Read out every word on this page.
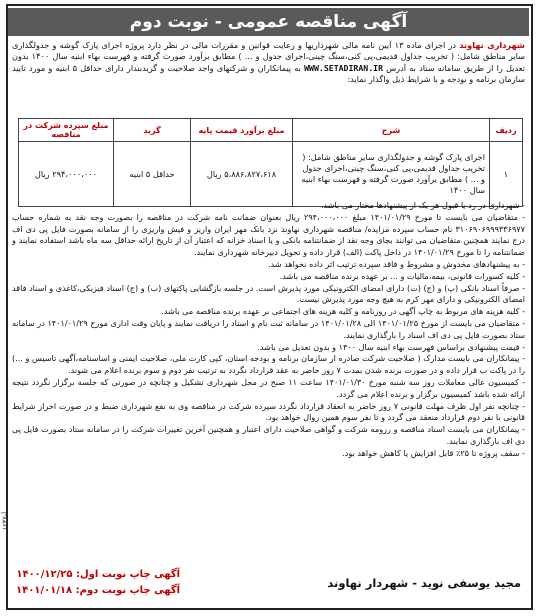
آگهی مناقصه عمومی - نوبت دوم
شهرداری نهاوند در اجرای ماده ۱۳ آیین نامه مالی شهرداریها و رعایت قوانین و مقررات مالی در نظر دارد پروژه اجرای پارک گوشه و جدولگذاری سایر مناطق شامل: ( تخریب جداول قدیمی،پی کنی،سنگ چینی،اجرای جدول و ... ) مطابق برآورد صورت گرفته و فهرست بهاء ابنیه سال ۱۴۰۰ بدون تعدیل را از طریق سامانه ستاد به آدرس WWW.SETADIRAN.IR به پیمانکاران و شرکتهای واجد صلاحیت و گریدبندار دارای حداقل ۵ ابنیه و مورد تایید سازمان برنامه و بودجه و با شرایط ذیل واگذار نماید:
ردیف	شرح	مبلغ برآورد قیمت پایه	گرید	مبلغ سپرده شرکت در مناقصه
۱	اجرای پارک گوشه و جدولگذاری سایر مناطق شامل: ( تخریب جداول قدیمی،پی کنی،سنگ چینی،اجرای جدول و ... ) مطابق برآورد صورت گرفته و فهرست بهاء ابنیه سال ۱۴۰۰	۵،۸۸۶،۸۲۷،۶۱۸ ریال	حداقل ۵ ابنیه	۲۹۴،۰۰۰،۰۰۰ ریال

- شهرداری در رد یا قبول هر یک از پیشنهادها مختار می باشد.

- متقاضیان می بایست تا مورخ ۱۴۰۱/۰۱/۲۹ مبلغ ۲۹۴،۰۰۰،۰۰۰ ریال بعنوان ضمانت نامه شرکت در مناقصه را بصورت وجه نقد به شماره حساب ۳۱۰۶۹۰۶۹۹۹۳۳۶۹۷۷ نام حساب سپرده مزایده/ مناقصه شهرداری نهاوند نزد بانک مهر ایران واریز و فیش واریزی را از سامانه بصورت فایل پی دی اف درج نمایند همچنین متقاضیان می توانند بجای وجه نقد از ضمانتنامه بانکی و یا اسناد خزانه که اعتبار آن از تاریخ ارائه حداقل سه ماه باشد استفاده نمایند و ضمانتنامه را تا مورخ ۱۴۰۱/۰۱/۲۹ در داخل پاکت (الف) قرار داده و تحویل دبیرخانه شهرداری نمایند.

- به پیشنهادهای مخدوش و مشروط و فاقد سپرده ترتیب اثر داده نخواهد شد.

- کلیه کسورات قانونی، بیمه،مالیات و ... بر عهده برنده مناقصه می باشد.

- صرفاً اسناد بانکی (پ) و (ج) (ت) دارای امضای الکترونیکی مورد پذیرش است. در جلسه بازگشایی پاکتهای (ب) و (ج) اسناد فیزیکی،کاغذی و اسناد فاقد امضای الکترونیکی و دارای مهر کرم به هیچ وجه مورد پذیرش نیست.

- کلیه هزینه های مربوط به چاپ آگهی در روزنامه و کلیه هزینه های اجتماعی بر عهده برنده مناقصه می باشد.

- متقاضیان می بایست از مورخ ۱۴۰۱/۰۱/۲۵ الی ۱۴۰۱/۰۱/۲۸ در سامانه ثبت نام و اسناد را دریافت نمایند و پایان وقت اداری مورخ ۱۴۰۱/۰۱/۲۹ در سامانه ستاد بصورت فایل پی دی اف اسناد را بارگذاری نمایند.

- قیمت پیشنهادی براساس فهرست بهاء ابنیه سال ۱۴۰۰ و بدون تعدیل می باشد.

- پیمانکاران می بایست مدارک ( صلاحیت شرکت صادره از سازمان برنامه و بودجه استان، کپی کارت ملی، صلاحیت ایمنی و اساسنامه،آگهی تاسیس و ...) را در پاکت ب قرار داده و در صورت برنده شدن بمدت ۷ روز حاضر به عقد قرارداد نگردد به ترتیب نفر دوم و سوم برنده اعلام می شوند.

- کمیسیون عالی معاملات روز سه شنبه مورخ ۱۴۰۱/۰۱/۳۰ ساعت ۱۱ صبح در محل شهرداری تشکیل و چنانچه در صورتی که جلسه برگزار نگردد نتیجه ارائه شده باشد کمیسیون برگزار و برنده اعلام می گردد.

- چنانچه نفر اول ظرف مهلت قانونی ۷ روز حاضر به انعقاد قرارداد نگردد سپرده شرکت در مناقصه وی به نفع شهرداری ضبط و در صورت احراز شرایط قانونی با نفر دوم قرارداد منعقد می گردد و تا نفر سوم همین روال خواهد بود.

- پیمانکاران می بایست اسناد مناقصه و رزومه شرکت و گواهی صلاحیت دارای اعتبار و همچنین آخرین تغییرات شرکت را در سامانه ستاد بصورت فایل پی دی اف بارگذاری نمایند.

- سقف پروژه تا ۲۵٪ قابل افزایش یا کاهش خواهد بود.

آ-۱۲۳۷
مجید یوسفی نوید - شهردار نهاوند
آگهی چاپ نوبت اول: ۱۴۰۰/۱۲/۲۵
آگهی چاپ نوبت دوم: ۱۴۰۱/۰۱/۱۸
